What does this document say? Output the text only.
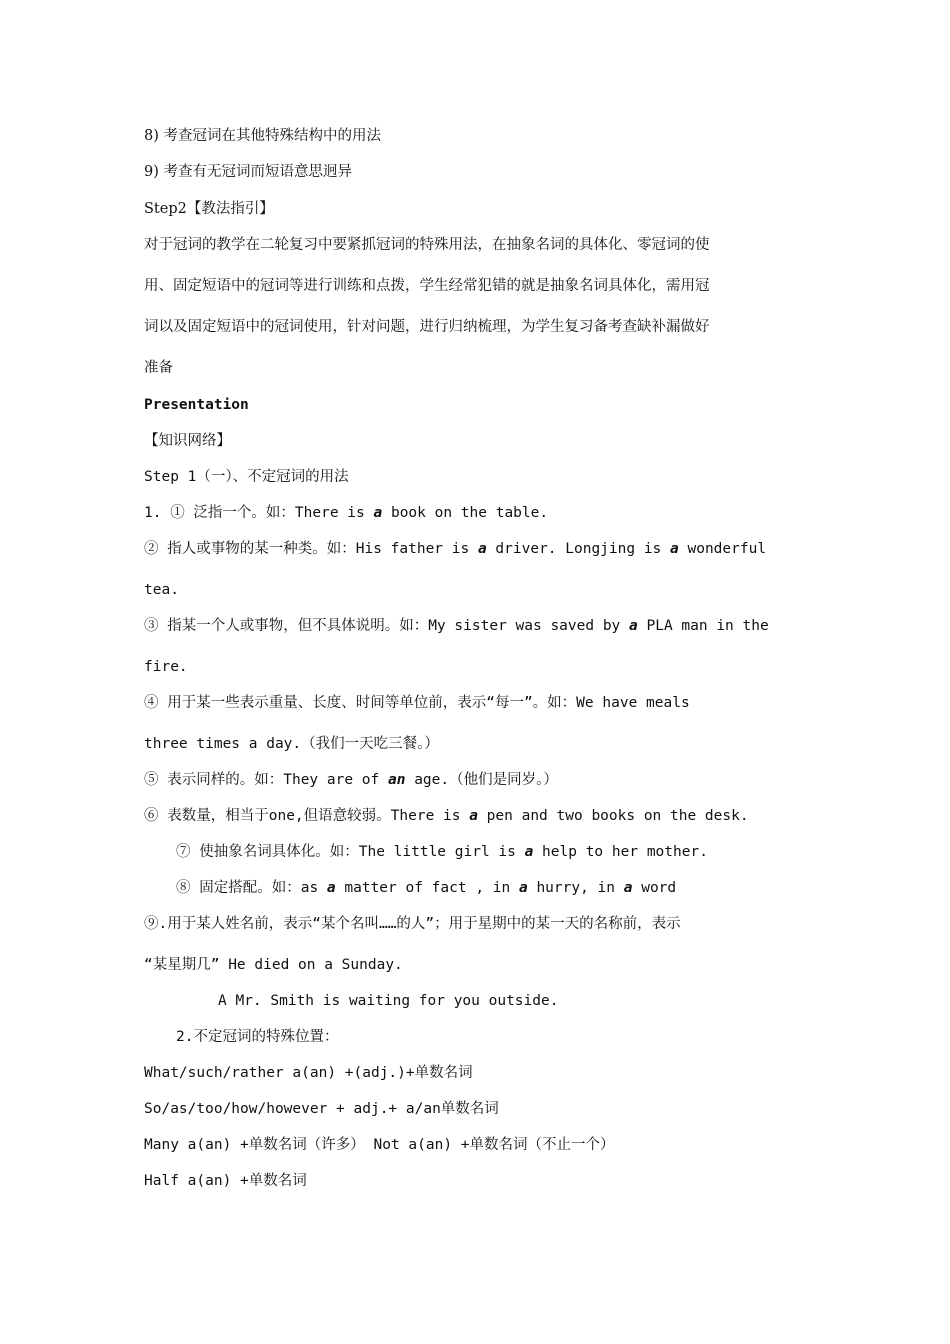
8) 考查冠词在其他特殊结构中的用法
9) 考查有无冠词而短语意思迥异
Step2【教法指引】
对于冠词的教学在二轮复习中要紧抓冠词的特殊用法，在抽象名词的具体化、零冠词的使
用、固定短语中的冠词等进行训练和点拨，学生经常犯错的就是抽象名词具体化，需用冠
词以及固定短语中的冠词使用，针对问题，进行归纳梳理，为学生复习备考查缺补漏做好
准备
Presentation
【知识网络】
Step 1（一）、不定冠词的用法
1. ① 泛指一个。如：There is a book on the table.
② 指人或事物的某一种类。如：His father is a driver. Longjing is a wonderful
tea.
③ 指某一个人或事物，但不具体说明。如：My sister was saved by a PLA man in the
fire.
④ 用于某一些表示重量、长度、时间等单位前，表示“每一”。如：We have meals
three times a day.（我们一天吃三餐。）
⑤ 表示同样的。如：They are of an age.（他们是同岁。）
⑥ 表数量，相当于one,但语意较弱。There is a pen and two books on the desk.
⑦ 使抽象名词具体化。如：The little girl is a help to her mother.
⑧ 固定搭配。如：as a matter of fact , in a hurry, in a word
⑨.用于某人姓名前，表示“某个名叫……的人”；用于星期中的某一天的名称前，表示
“某星期几” He died on a Sunday.
A Mr. Smith is waiting for you outside.
2.不定冠词的特殊位置：
What/such/rather a(an) +(adj.)+单数名词
So/as/too/how/however + adj.+ a/an单数名词
Many a(an) +单数名词（许多） Not a(an) +单数名词（不止一个）
Half a(an) +单数名词
